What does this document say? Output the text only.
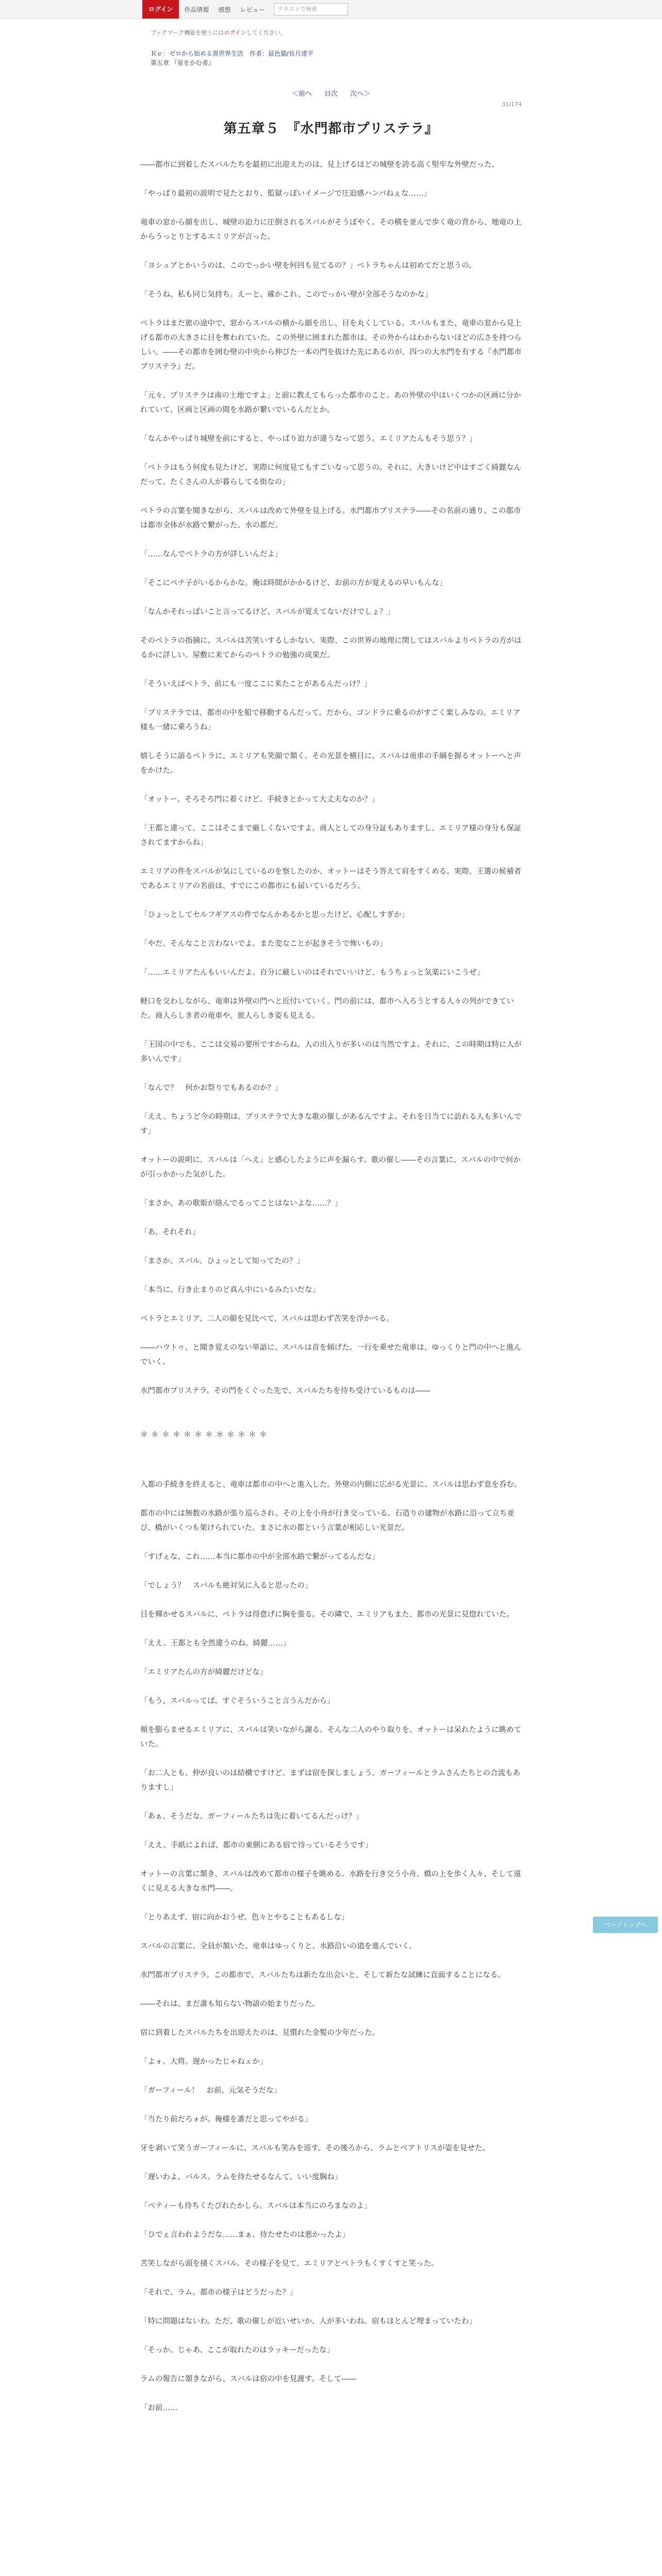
ログイン	作品情報 感想 レビュー	テキストで検索
ブックマーク機能を使うにはログインしてください。
Ｒｅ：ゼロから始める異世界生活　作者：鼠色猫/長月達平
第五章 『星をかむ者』
＜前へ 目次 次へ＞
31/174
第五章５　『水門都市プリステラ』
――都市に到着したスバルたちを最初に出迎えたのは、見上げるほどの城壁を誇る高く堅牢な外壁だった。
「やっぱり最初の説明で見たとおり、監獄っぽいイメージで圧迫感ハンパねぇな……」
竜車の窓から顔を出し、城壁の迫力に圧倒されるスバルがそうぼやく。その横を並んで歩く竜の背から、地竜の上からうっとりとするエミリアが言った。
「ヨシュアとかいうのは、このでっかい壁を何回も見てるの？」ペトラちゃんは初めてだと思うの。
「そうね、私も同じ気持ち。えーと、確かこれ、このでっかい壁が全部そうなのかな」
ペトラはまだ旅の途中で、窓からスバルの横から顔を出し、目を丸くしている。スバルもまた、竜車の窓から見上げる都市の大きさに目を奪われていた。この外壁に囲まれた都市は、その外からはわからないほどの広さを持つらしい。――その都市を囲む壁の中央から伸びた一本の門を抜けた先にあるのが、四つの大水門を有する『水門都市プリステラ』だ。
「元々、プリステラは南の土地ですよ」と前に教えてもらった都市のこと。あの外壁の中はいくつかの区画に分かれていて、区画と区画の間を水路が繋いでいるんだとか。
「なんかやっぱり城壁を前にすると、やっぱり迫力が違うなって思う。エミリアたんもそう思う？」
「ペトラはもう何度も見たけど、実際に何度見てもすごいなって思うの。それに、大きいけど中はすごく綺麗なんだって。たくさんの人が暮らしてる街なの」
ペトラの言葉を聞きながら、スバルは改めて外壁を見上げる。水門都市プリステラ――その名前の通り、この都市は都市全体が水路で繋がった、水の都だ。
「……なんでペトラの方が詳しいんだよ」
「そこにペテ子がいるからかな。俺は時間がかかるけど、お前の方が覚えるの早いもんな」
「なんかそれっぽいこと言ってるけど、スバルが覚えてないだけでしょ？」
そのペトラの指摘に、スバルは苦笑いするしかない。実際、この世界の地理に関してはスバルよりペトラの方がはるかに詳しい。屋敷に来てからのペトラの勉強の成果だ。
「そういえばペトラ、前にも一度ここに来たことがあるんだっけ？」
「プリステラでは、都市の中を船で移動するんだって。だから、ゴンドラに乗るのがすごく楽しみなの。エミリア様も一緒に乗ろうね」
嬉しそうに語るペトラに、エミリアも笑顔で頷く。その光景を横目に、スバルは竜車の手綱を握るオットーへと声をかけた。
「オットー、そろそろ門に着くけど、手続きとかって大丈夫なのか？」
「王都と違って、ここはそこまで厳しくないですよ。商人としての身分証もありますし、エミリア様の身分も保証されてますからね」
エミリアの件をスバルが気にしているのを察したのか、オットーはそう答えて肩をすくめる。実際、王選の候補者であるエミリアの名前は、すでにこの都市にも届いているだろう。
「ひょっとしてセルフギアスの件でなんかあるかと思ったけど、心配しすぎか」
「やだ、そんなこと言わないでよ。また変なことが起きそうで怖いもの」
「……エミリアたんもいいんだよ、自分に厳しいのはそれでいいけど、もうちょっと気楽にいこうぜ」
軽口を交わしながら、竜車は外壁の門へと近付いていく。門の前には、都市へ入ろうとする人々の列ができていた。商人らしき者の竜車や、旅人らしき姿も見える。
「王国の中でも、ここは交易の要所ですからね。人の出入りが多いのは当然ですよ。それに、この時期は特に人が多いんです」
「なんで？　何かお祭りでもあるのか？」
「ええ、ちょうど今の時期は、プリステラで大きな歌の催しがあるんですよ。それを目当てに訪れる人も多いんです」
オットーの説明に、スバルは「へえ」と感心したように声を漏らす。歌の催し――その言葉に、スバルの中で何かが引っかかった気がした。
「まさか、あの歌姫が絡んでるってことはないよな……？」
「あ、それそれ」
「まさか、スバル。ひょっとして知ってたの？」
「本当に、行き止まりのど真ん中にいるみたいだな」
ペトラとエミリア、二人の顔を見比べて、スバルは思わず苦笑を浮かべる。
――ハウトゥ、と聞き覚えのない単語に、スバルは首を傾げた。一行を乗せた竜車は、ゆっくりと門の中へと進んでいく。
水門都市プリステラ。その門をくぐった先で、スバルたちを待ち受けているものは――
＊＊＊＊＊＊＊＊＊＊＊＊
入都の手続きを終えると、竜車は都市の中へと進入した。外壁の内側に広がる光景に、スバルは思わず息を呑む。
都市の中には無数の水路が張り巡らされ、その上を小舟が行き交っている。石造りの建物が水路に沿って立ち並び、橋がいくつも架けられていた。まさに水の都という言葉が相応しい光景だ。
「すげぇな、これ……本当に都市の中が全部水路で繋がってるんだな」
「でしょう？　スバルも絶対気に入ると思ったの」
目を輝かせるスバルに、ペトラは得意げに胸を張る。その隣で、エミリアもまた、都市の光景に見惚れていた。
「ええ、王都とも全然違うのね。綺麗……」
「エミリアたんの方が綺麗だけどな」
「もう、スバルってば。すぐそういうこと言うんだから」
頬を膨らませるエミリアに、スバルは笑いながら謝る。そんな二人のやり取りを、オットーは呆れたように眺めていた。
「お二人とも、仲が良いのは結構ですけど、まずは宿を探しましょう。ガーフィールとラムさんたちとの合流もありますし」
「あぁ、そうだな。ガーフィールたちは先に着いてるんだっけ？」
「ええ、手紙によれば、都市の東側にある宿で待っているそうです」
オットーの言葉に頷き、スバルは改めて都市の様子を眺める。水路を行き交う小舟、橋の上を歩く人々、そして遠くに見える大きな水門――。
「とりあえず、宿に向かおうぜ。色々とやることもあるしな」
スバルの言葉に、全員が頷いた。竜車はゆっくりと、水路沿いの道を進んでいく。
水門都市プリステラ。この都市で、スバルたちは新たな出会いと、そして新たな試練に直面することになる。
――それは、まだ誰も知らない物語の始まりだった。
宿に到着したスバルたちを出迎えたのは、見慣れた金髪の少年だった。
「よォ、大将。遅かったじゃねェか」
「ガーフィール！　お前、元気そうだな」
「当たり前だろォが。俺様を誰だと思ってやがる」
牙を剥いて笑うガーフィールに、スバルも笑みを返す。その後ろから、ラムとベアトリスが姿を見せた。
「遅いわよ、バルス。ラムを待たせるなんて、いい度胸ね」
「ベティーも待ちくたびれたかしら。スバルは本当にのろまなのよ」
「ひでぇ言われようだな……まぁ、待たせたのは悪かったよ」
苦笑しながら頭を掻くスバル。その様子を見て、エミリアとペトラもくすくすと笑った。
「それで、ラム。都市の様子はどうだった？」
「特に問題はないわ。ただ、歌の催しが近いせいか、人が多いわね。宿もほとんど埋まっていたわ」
「そっか。じゃあ、ここが取れたのはラッキーだったな」
ラムの報告に頷きながら、スバルは宿の中を見渡す。そして――
「お前……
ページトップへ
